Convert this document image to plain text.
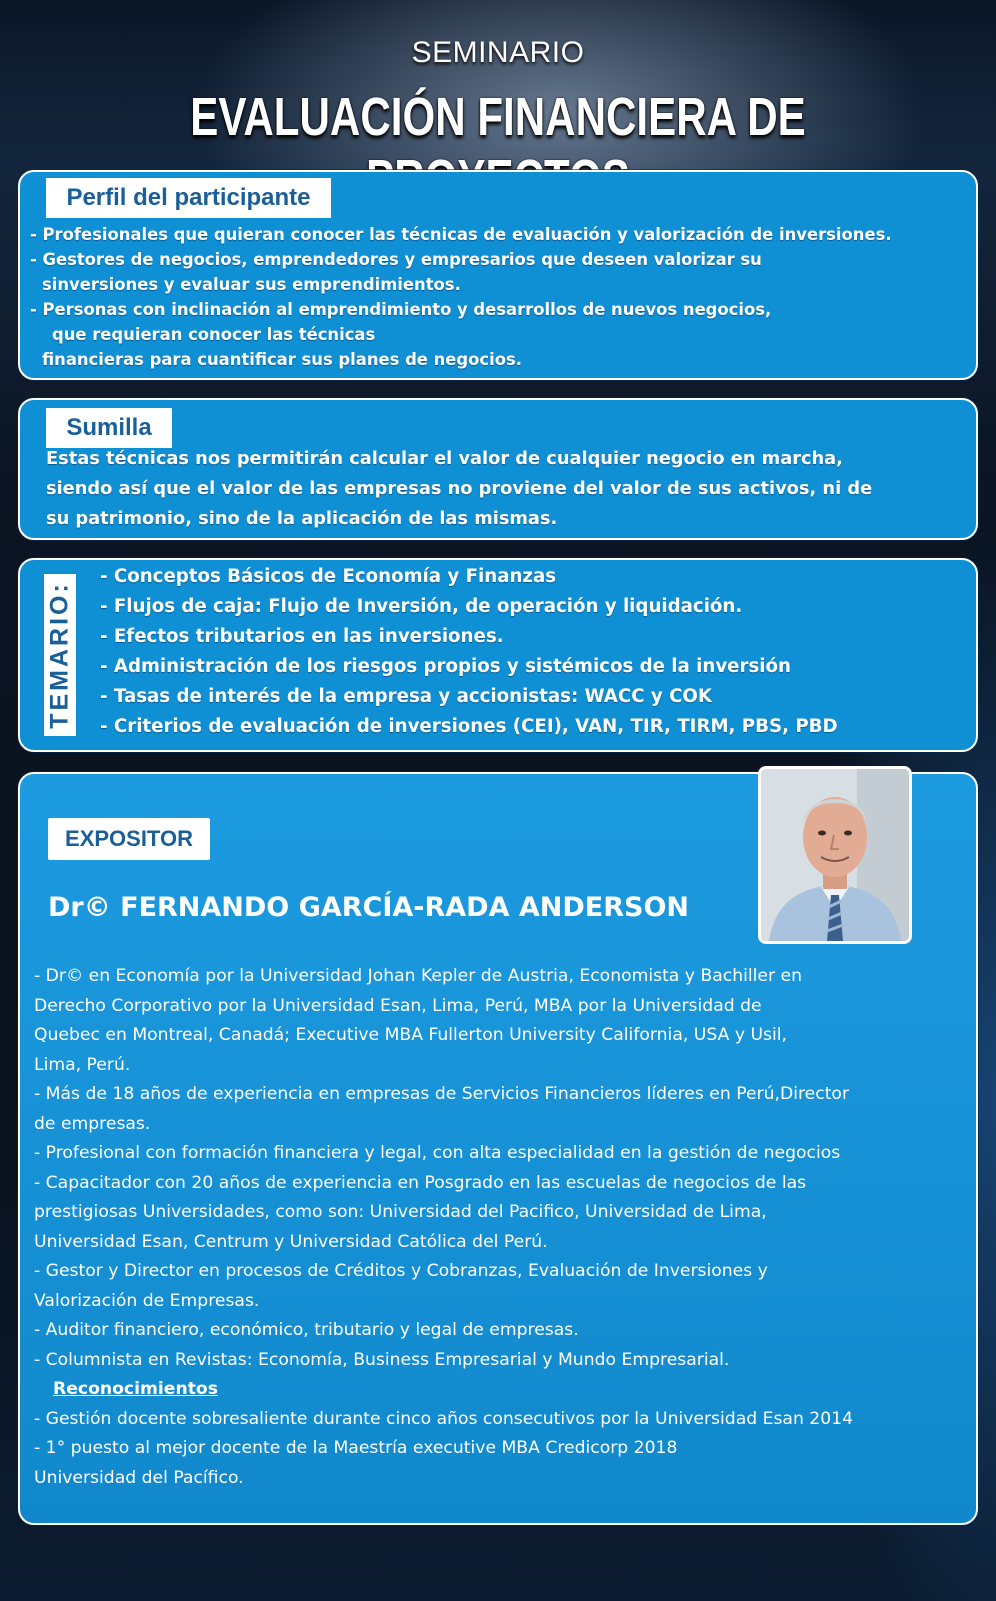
SEMINARIO
EVALUACIÓN FINANCIERA DE
Perfil del participante
- Profesionales que quieran conocer las técnicas de evaluación y valorización de inversiones.
- Gestores de negocios, emprendedores y empresarios que deseen valorizar su
sinversiones y evaluar sus emprendimientos.
- Personas con inclinación al emprendimiento y desarrollos de nuevos negocios,
que requieran conocer las técnicas
financieras para cuantificar sus planes de negocios.
Sumilla
Estas técnicas nos permitirán calcular el valor de cualquier negocio en marcha,
siendo así que el valor de las empresas no proviene del valor de sus activos, ni de
su patrimonio, sino de la aplicación de las mismas.
TEMARIO:
- Conceptos Básicos de Economía y Finanzas
- Flujos de caja: Flujo de Inversión, de operación y liquidación.
- Efectos tributarios en las inversiones.
- Administración de los riesgos propios y sistémicos de la inversión
- Tasas de interés de la empresa y accionistas: WACC y COK
- Criterios de evaluación de inversiones (CEI), VAN, TIR, TIRM, PBS, PBD
EXPOSITOR
Dr© FERNANDO GARCÍA-RADA ANDERSON
- Dr© en Economía por la Universidad Johan Kepler de Austria, Economista y Bachiller en
Derecho Corporativo por la Universidad Esan, Lima, Perú, MBA por la Universidad de
Quebec en Montreal, Canadá; Executive MBA Fullerton University California, USA y Usil,
Lima, Perú.
- Más de 18 años de experiencia en empresas de Servicios Financieros líderes en Perú,Director
de empresas.
- Profesional con formación financiera y legal, con alta especialidad en la gestión de negocios
- Capacitador con 20 años de experiencia en Posgrado en las escuelas de negocios de las
prestigiosas Universidades, como son: Universidad del Pacifico, Universidad de Lima,
Universidad Esan, Centrum y Universidad Católica del Perú.
- Gestor y Director en procesos de Créditos y Cobranzas, Evaluación de Inversiones y
Valorización de Empresas.
- Auditor financiero, económico, tributario y legal de empresas.
- Columnista en Revistas: Economía, Business Empresarial y Mundo Empresarial.
Reconocimientos
- Gestión docente sobresaliente durante cinco años consecutivos por la Universidad Esan 2014
- 1° puesto al mejor docente de la Maestría executive MBA Credicorp 2018
Universidad del Pacífico.
